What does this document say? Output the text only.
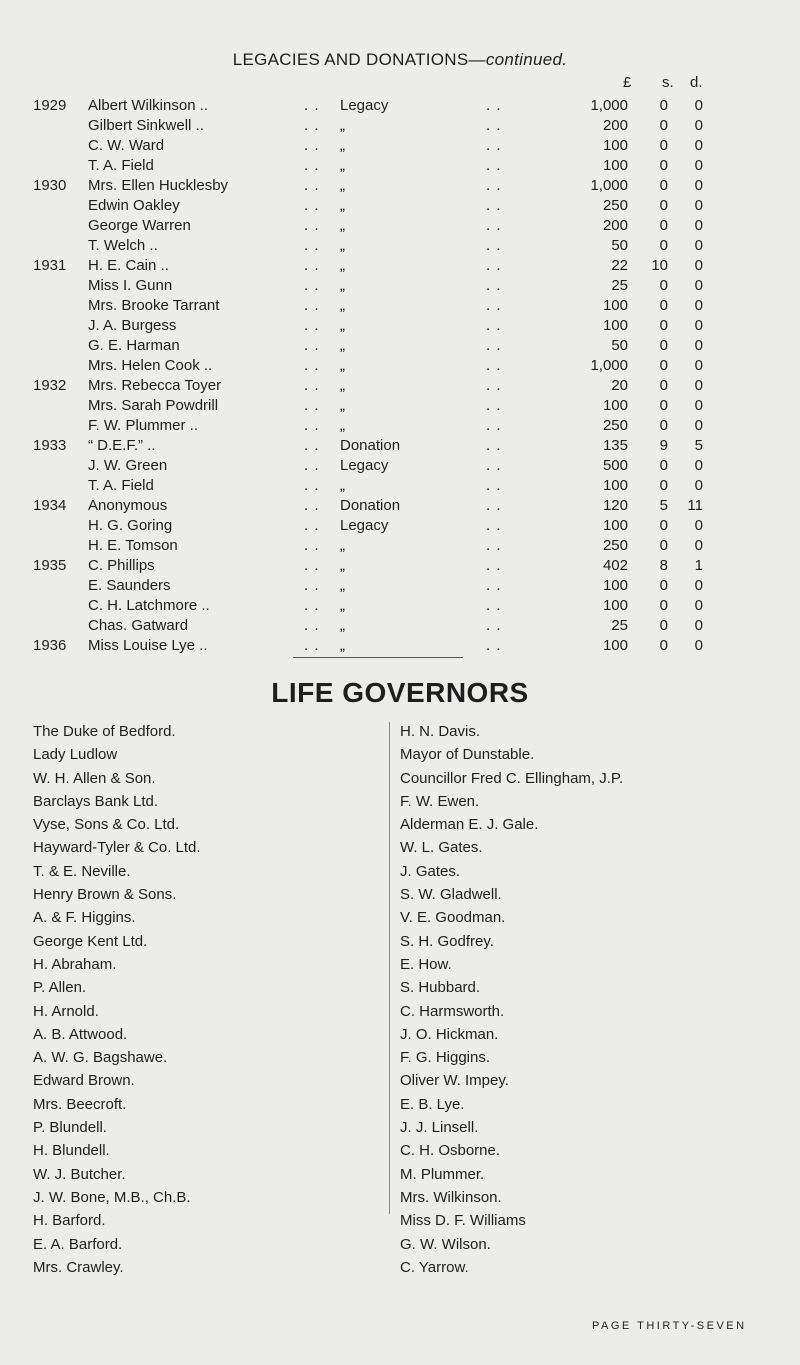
LEGACIES AND DONATIONS—continued.
£ s. d.
1929 Albert Wilkinson ..	. . Legacy	. .	1,000 0 0
Gilbert Sinkwell ..	. . „	. .	200 0 0
C. W. Ward	. . „	. .	100 0 0
T. A. Field	. . „	. .	100 0 0
1930 Mrs. Ellen Hucklesby	. . „	. .	1,000 0 0
Edwin Oakley	. . „	. .	250 0 0
George Warren	. . „	. .	200 0 0
T. Welch ..	. . „	. .	50 0 0
1931 H. E. Cain ..	. . „	. .	22 10 0
Miss I. Gunn	. . „	. .	25 0 0
Mrs. Brooke Tarrant	. . „	. .	100 0 0
J. A. Burgess	. . „	. .	100 0 0
G. E. Harman	. . „	. .	50 0 0
Mrs. Helen Cook ..	. . „	. .	1,000 0 0
1932 Mrs. Rebecca Toyer	. . „	. .	20 0 0
Mrs. Sarah Powdrill	. . „	. .	100 0 0
F. W. Plummer ..	. . „	. .	250 0 0
1933 “ D.E.F.” ..	. . Donation	. .	135 9 5
J. W. Green	. . Legacy	. .	500 0 0
T. A. Field	. . „	. .	100 0 0
1934 Anonymous	. . Donation	. .	120 5 11
H. G. Goring	. . Legacy	. .	100 0 0
H. E. Tomson	. . „	. .	250 0 0
1935 C. Phillips	. . „	. .	402 8 1
E. Saunders	. . „	. .	100 0 0
C. H. Latchmore ..	. . „	. .	100 0 0
Chas. Gatward	. . „	. .	25 0 0
1936 Miss Louise Lye ..	. . „	. .	100 0 0
LIFE GOVERNORS
The Duke of Bedford.
Lady Ludlow
W. H. Allen & Son.
Barclays Bank Ltd.
Vyse, Sons & Co. Ltd.
Hayward-Tyler & Co. Ltd.
T. & E. Neville.
Henry Brown & Sons.
A. & F. Higgins.
George Kent Ltd.
H. Abraham.
P. Allen.
H. Arnold.
A. B. Attwood.
A. W. G. Bagshawe.
Edward Brown.
Mrs. Beecroft.
P. Blundell.
H. Blundell.
W. J. Butcher.
J. W. Bone, M.B., Ch.B.
H. Barford.
E. A. Barford.
Mrs. Crawley.
H. N. Davis.
Mayor of Dunstable.
Councillor Fred C. Ellingham, J.P.
F. W. Ewen.
Alderman E. J. Gale.
W. L. Gates.
J. Gates.
S. W. Gladwell.
V. E. Goodman.
S. H. Godfrey.
E. How.
S. Hubbard.
C. Harmsworth.
J. O. Hickman.
F. G. Higgins.
Oliver W. Impey.
E. B. Lye.
J. J. Linsell.
C. H. Osborne.
M. Plummer.
Mrs. Wilkinson.
Miss D. F. Williams
G. W. Wilson.
C. Yarrow.
PAGE THIRTY-SEVEN
